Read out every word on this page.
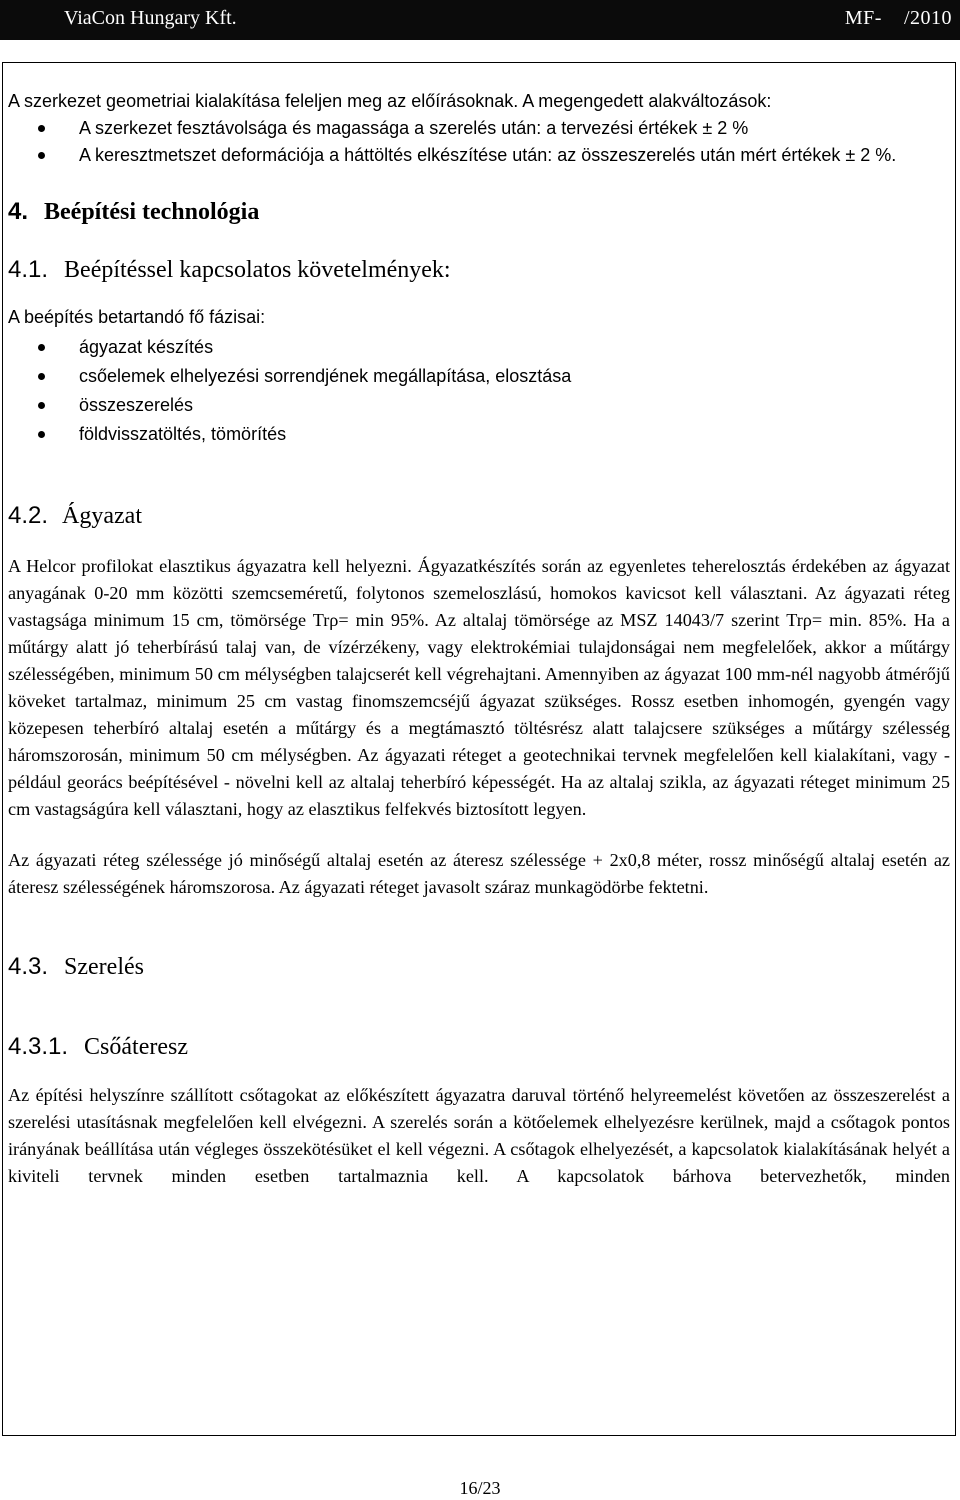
ViaCon Hungary Kft.	MF-    /2010

A szerkezet geometriai kialakítása feleljen meg az előírásoknak. A megengedett alakváltozások:

A szerkezet fesztávolsága és magassága a szerelés után: a tervezési értékek ± 2 %
A keresztmetszet deformációja a háttöltés elkészítése után: az összeszerelés után mért értékek ± 2 %.
4. Beépítési technológia
4.1. Beépítéssel kapcsolatos követelmények:

A beépítés betartandó fő fázisai:

ágyazat készítés
csőelemek elhelyezési sorrendjének megállapítása, elosztása
összeszerelés
földvisszatöltés, tömörítés
4.2. Ágyazat

A Helcor profilokat elasztikus ágyazatra kell helyezni. Ágyazatkészítés során az egyenletes teherelosztás érdekében az ágyazat anyagának 0-20 mm közötti szemcseméretű, folytonos szemeloszlású, homokos kavicsot kell választani. Az ágyazati réteg vastagsága minimum 15 cm, tömörsége Trρ= min 95%. Az altalaj tömörsége az MSZ 14043/7 szerint Trρ= min. 85%. Ha a műtárgy alatt jó teherbírású talaj van, de vízérzékeny, vagy elektrokémiai tulajdonságai nem megfelelőek, akkor a műtárgy szélességében, minimum 50 cm mélységben talajcserét kell végrehajtani. Amennyiben az ágyazat 100 mm-nél nagyobb átmérőjű köveket tartalmaz, minimum 25 cm vastag finomszemcséjű ágyazat szükséges. Rossz esetben inhomogén, gyengén vagy közepesen teherbíró altalaj esetén a műtárgy és a megtámasztó töltésrész alatt talajcsere szükséges a műtárgy szélesség háromszorosán, minimum 50 cm mélységben. Az ágyazati réteget a geotechnikai tervnek megfelelően kell kialakítani, vagy - például georács beépítésével - növelni kell az altalaj teherbíró képességét. Ha az altalaj szikla, az ágyazati réteget minimum 25 cm vastagságúra kell választani, hogy az elasztikus felfekvés biztosított legyen.

Az ágyazati réteg szélessége jó minőségű altalaj esetén az áteresz szélessége + 2x0,8 méter, rossz minőségű altalaj esetén az áteresz szélességének háromszorosa. Az ágyazati réteget javasolt száraz munkagödörbe fektetni.

4.3. Szerelés
4.3.1. Csőáteresz

Az építési helyszínre szállított csőtagokat az előkészített ágyazatra daruval történő helyreemelést követően az összeszerelést a szerelési utasításnak megfelelően kell elvégezni. A szerelés során a kötőelemek elhelyezésre kerülnek, majd a csőtagok pontos irányának beállítása után végleges összekötésüket el kell végezni. A csőtagok elhelyezését, a kapcsolatok kialakításának helyét a kiviteli tervnek minden esetben tartalmaznia kell. A kapcsolatok bárhova betervezhetők, minden

16/23
